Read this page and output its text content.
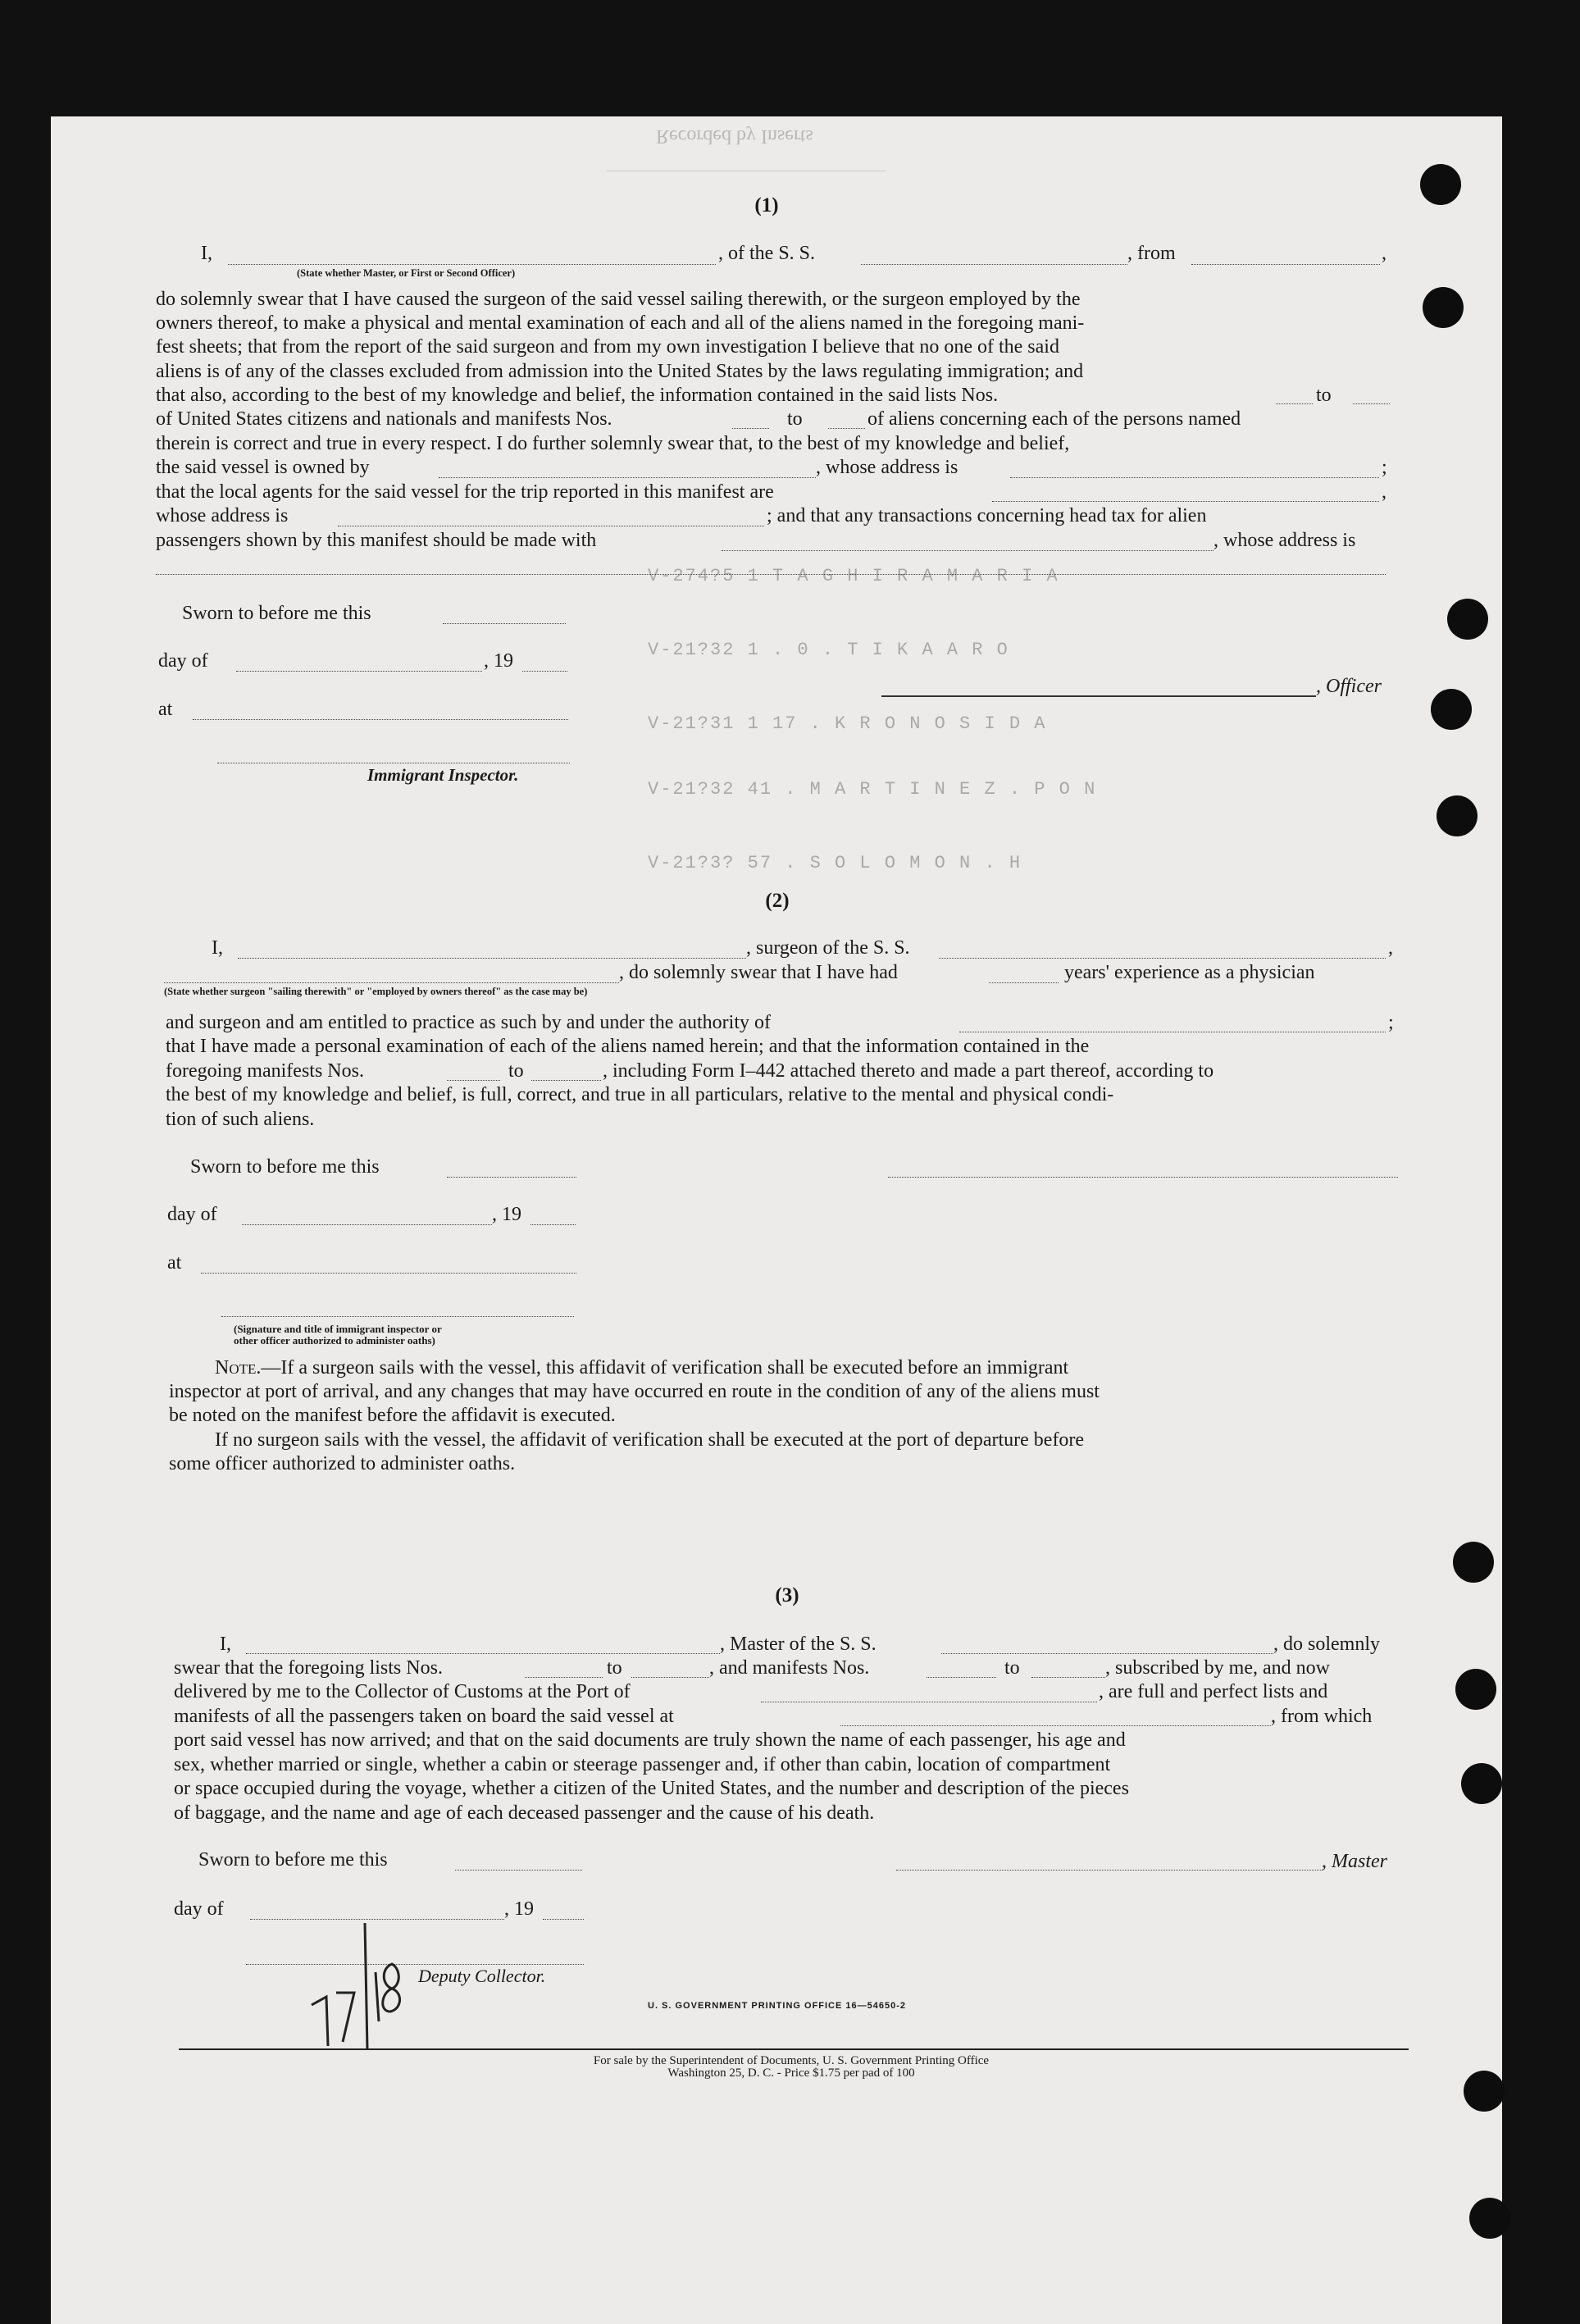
Recorded by Inserts
V-274?5 1 T A G H I R A M A R I A
V-21?32 1 . 0 . T I K A A R O
V-21?31 1 17 . K R O N O S I D A
V-21?32 41 . M A R T I N E Z . P O N
V-21?3? 57 . S O L O M O N . H
(1)
I,	, of the S. S.	, from	,
(State whether Master, or First or Second Officer)
do solemnly swear that I have caused the surgeon of the said vessel sailing therewith, or the surgeon employed by the
owners thereof, to make a physical and mental examination of each and all of the aliens named in the foregoing mani-
fest sheets; that from the report of the said surgeon and from my own investigation I believe that no one of the said
aliens is of any of the classes excluded from admission into the United States by the laws regulating immigration; and
that also, according to the best of my knowledge and belief, the information contained in the said lists Nos.	to
of United States citizens and nationals and manifests Nos.	to	of aliens concerning each of the persons named
therein is correct and true in every respect. I do further solemnly swear that, to the best of my knowledge and belief,
the said vessel is owned by	, whose address is	;
that the local agents for the said vessel for the trip reported in this manifest are	,
whose address is	; and that any transactions concerning head tax for alien
passengers shown by this manifest should be made with	, whose address is
Sworn to before me this
day of	, 19
at
Immigrant Inspector.
, Officer
(2)
I,	, surgeon of the S. S.	,
, do solemnly swear that I have had	years' experience as a physician
(State whether surgeon "sailing therewith" or "employed by owners thereof" as the case may be)
and surgeon and am entitled to practice as such by and under the authority of	;
that I have made a personal examination of each of the aliens named herein; and that the information contained in the
foregoing manifests Nos.	to	, including Form I–442 attached thereto and made a part thereof, according to
the best of my knowledge and belief, is full, correct, and true in all particulars, relative to the mental and physical condi-
tion of such aliens.
Sworn to before me this
day of	, 19
at
(Signature and title of immigrant inspector or
other officer authorized to administer oaths)
Note.—If a surgeon sails with the vessel, this affidavit of verification shall be executed before an immigrant
inspector at port of arrival, and any changes that may have occurred en route in the condition of any of the aliens must
be noted on the manifest before the affidavit is executed.
If no surgeon sails with the vessel, the affidavit of verification shall be executed at the port of departure before
some officer authorized to administer oaths.
(3)
I,	, Master of the S. S.	, do solemnly
swear that the foregoing lists Nos.	to	, and manifests Nos.	to	, subscribed by me, and now
delivered by me to the Collector of Customs at the Port of	, are full and perfect lists and
manifests of all the passengers taken on board the said vessel at	, from which
port said vessel has now arrived; and that on the said documents are truly shown the name of each passenger, his age and
sex, whether married or single, whether a cabin or steerage passenger and, if other than cabin, location of compartment
or space occupied during the voyage, whether a citizen of the United States, and the number and description of the pieces
of baggage, and the name and age of each deceased passenger and the cause of his death.
Sworn to before me this	, Master
day of	, 19
Deputy Collector.
U. S. GOVERNMENT PRINTING OFFICE 16—54650-2
For sale by the Superintendent of Documents, U. S. Government Printing Office
Washington 25, D. C. - Price $1.75 per pad of 100
